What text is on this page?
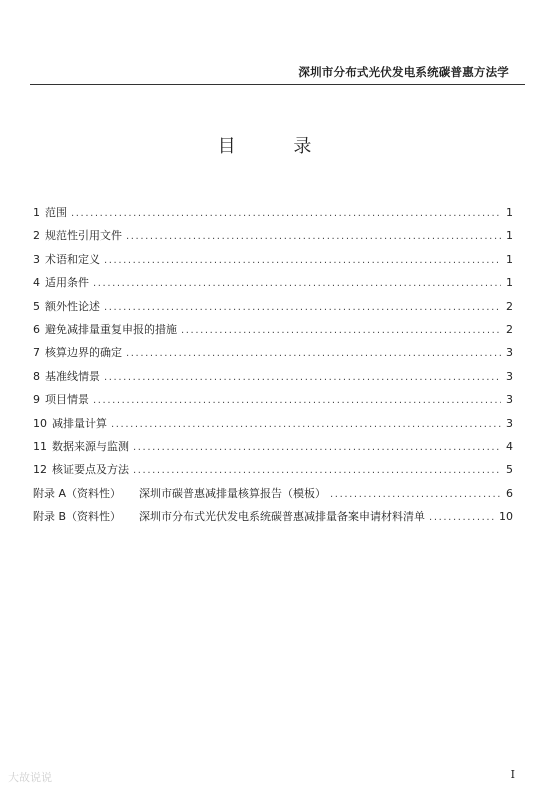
深圳市分布式光伏发电系统碳普惠方法学
目 录
1 范围 .....	1
2 规范性引用文件 .....	1
3 术语和定义 .....	1
4 适用条件 .....	1
5 额外性论述 .....	2
6 避免减排量重复申报的措施 .....	2
7 核算边界的确定 .....	3
8 基准线情景 .....	3
9 项目情景 .....	3
10 减排量计算 .....	3
11 数据来源与监测 .....	4
12 核证要点及方法 .....	5
附录 A（资料性） 深圳市碳普惠减排量核算报告（模板） .....	6
附录 B（资料性） 深圳市分布式光伏发电系统碳普惠减排量备案申请材料清单 .....	10
大故说说	I
